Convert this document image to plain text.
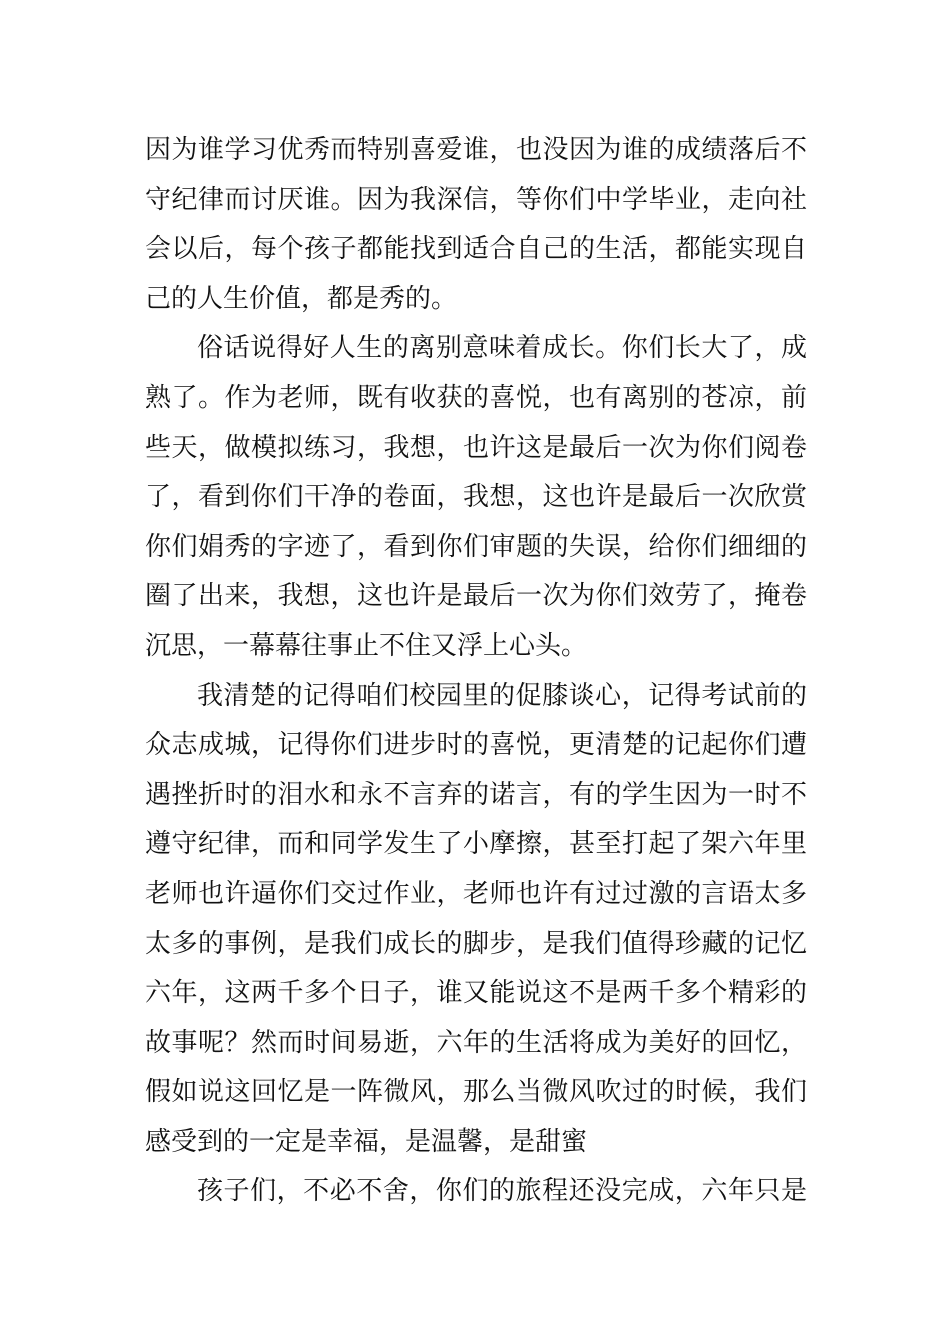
因为谁学习优秀而特别喜爱谁，也没因为谁的成绩落后不
守纪律而讨厌谁。因为我深信，等你们中学毕业，走向社
会以后，每个孩子都能找到适合自己的生活，都能实现自
己的人生价值，都是秀的。
俗话说得好人生的离别意味着成长。你们长大了，成
熟了。作为老师，既有收获的喜悦，也有离别的苍凉，前
些天，做模拟练习，我想，也许这是最后一次为你们阅卷
了，看到你们干净的卷面，我想，这也许是最后一次欣赏
你们娟秀的字迹了，看到你们审题的失误，给你们细细的
圈了出来，我想，这也许是最后一次为你们效劳了，掩卷
沉思，一幕幕往事止不住又浮上心头。
我清楚的记得咱们校园里的促膝谈心，记得考试前的
众志成城，记得你们进步时的喜悦，更清楚的记起你们遭
遇挫折时的泪水和永不言弃的诺言，有的学生因为一时不
遵守纪律，而和同学发生了小摩擦，甚至打起了架六年里
老师也许逼你们交过作业，老师也许有过过激的言语太多
太多的事例，是我们成长的脚步，是我们值得珍藏的记忆
六年，这两千多个日子，谁又能说这不是两千多个精彩的
故事呢？然而时间易逝，六年的生活将成为美好的回忆，
假如说这回忆是一阵微风，那么当微风吹过的时候，我们
感受到的一定是幸福，是温馨，是甜蜜
孩子们，不必不舍，你们的旅程还没完成，六年只是
